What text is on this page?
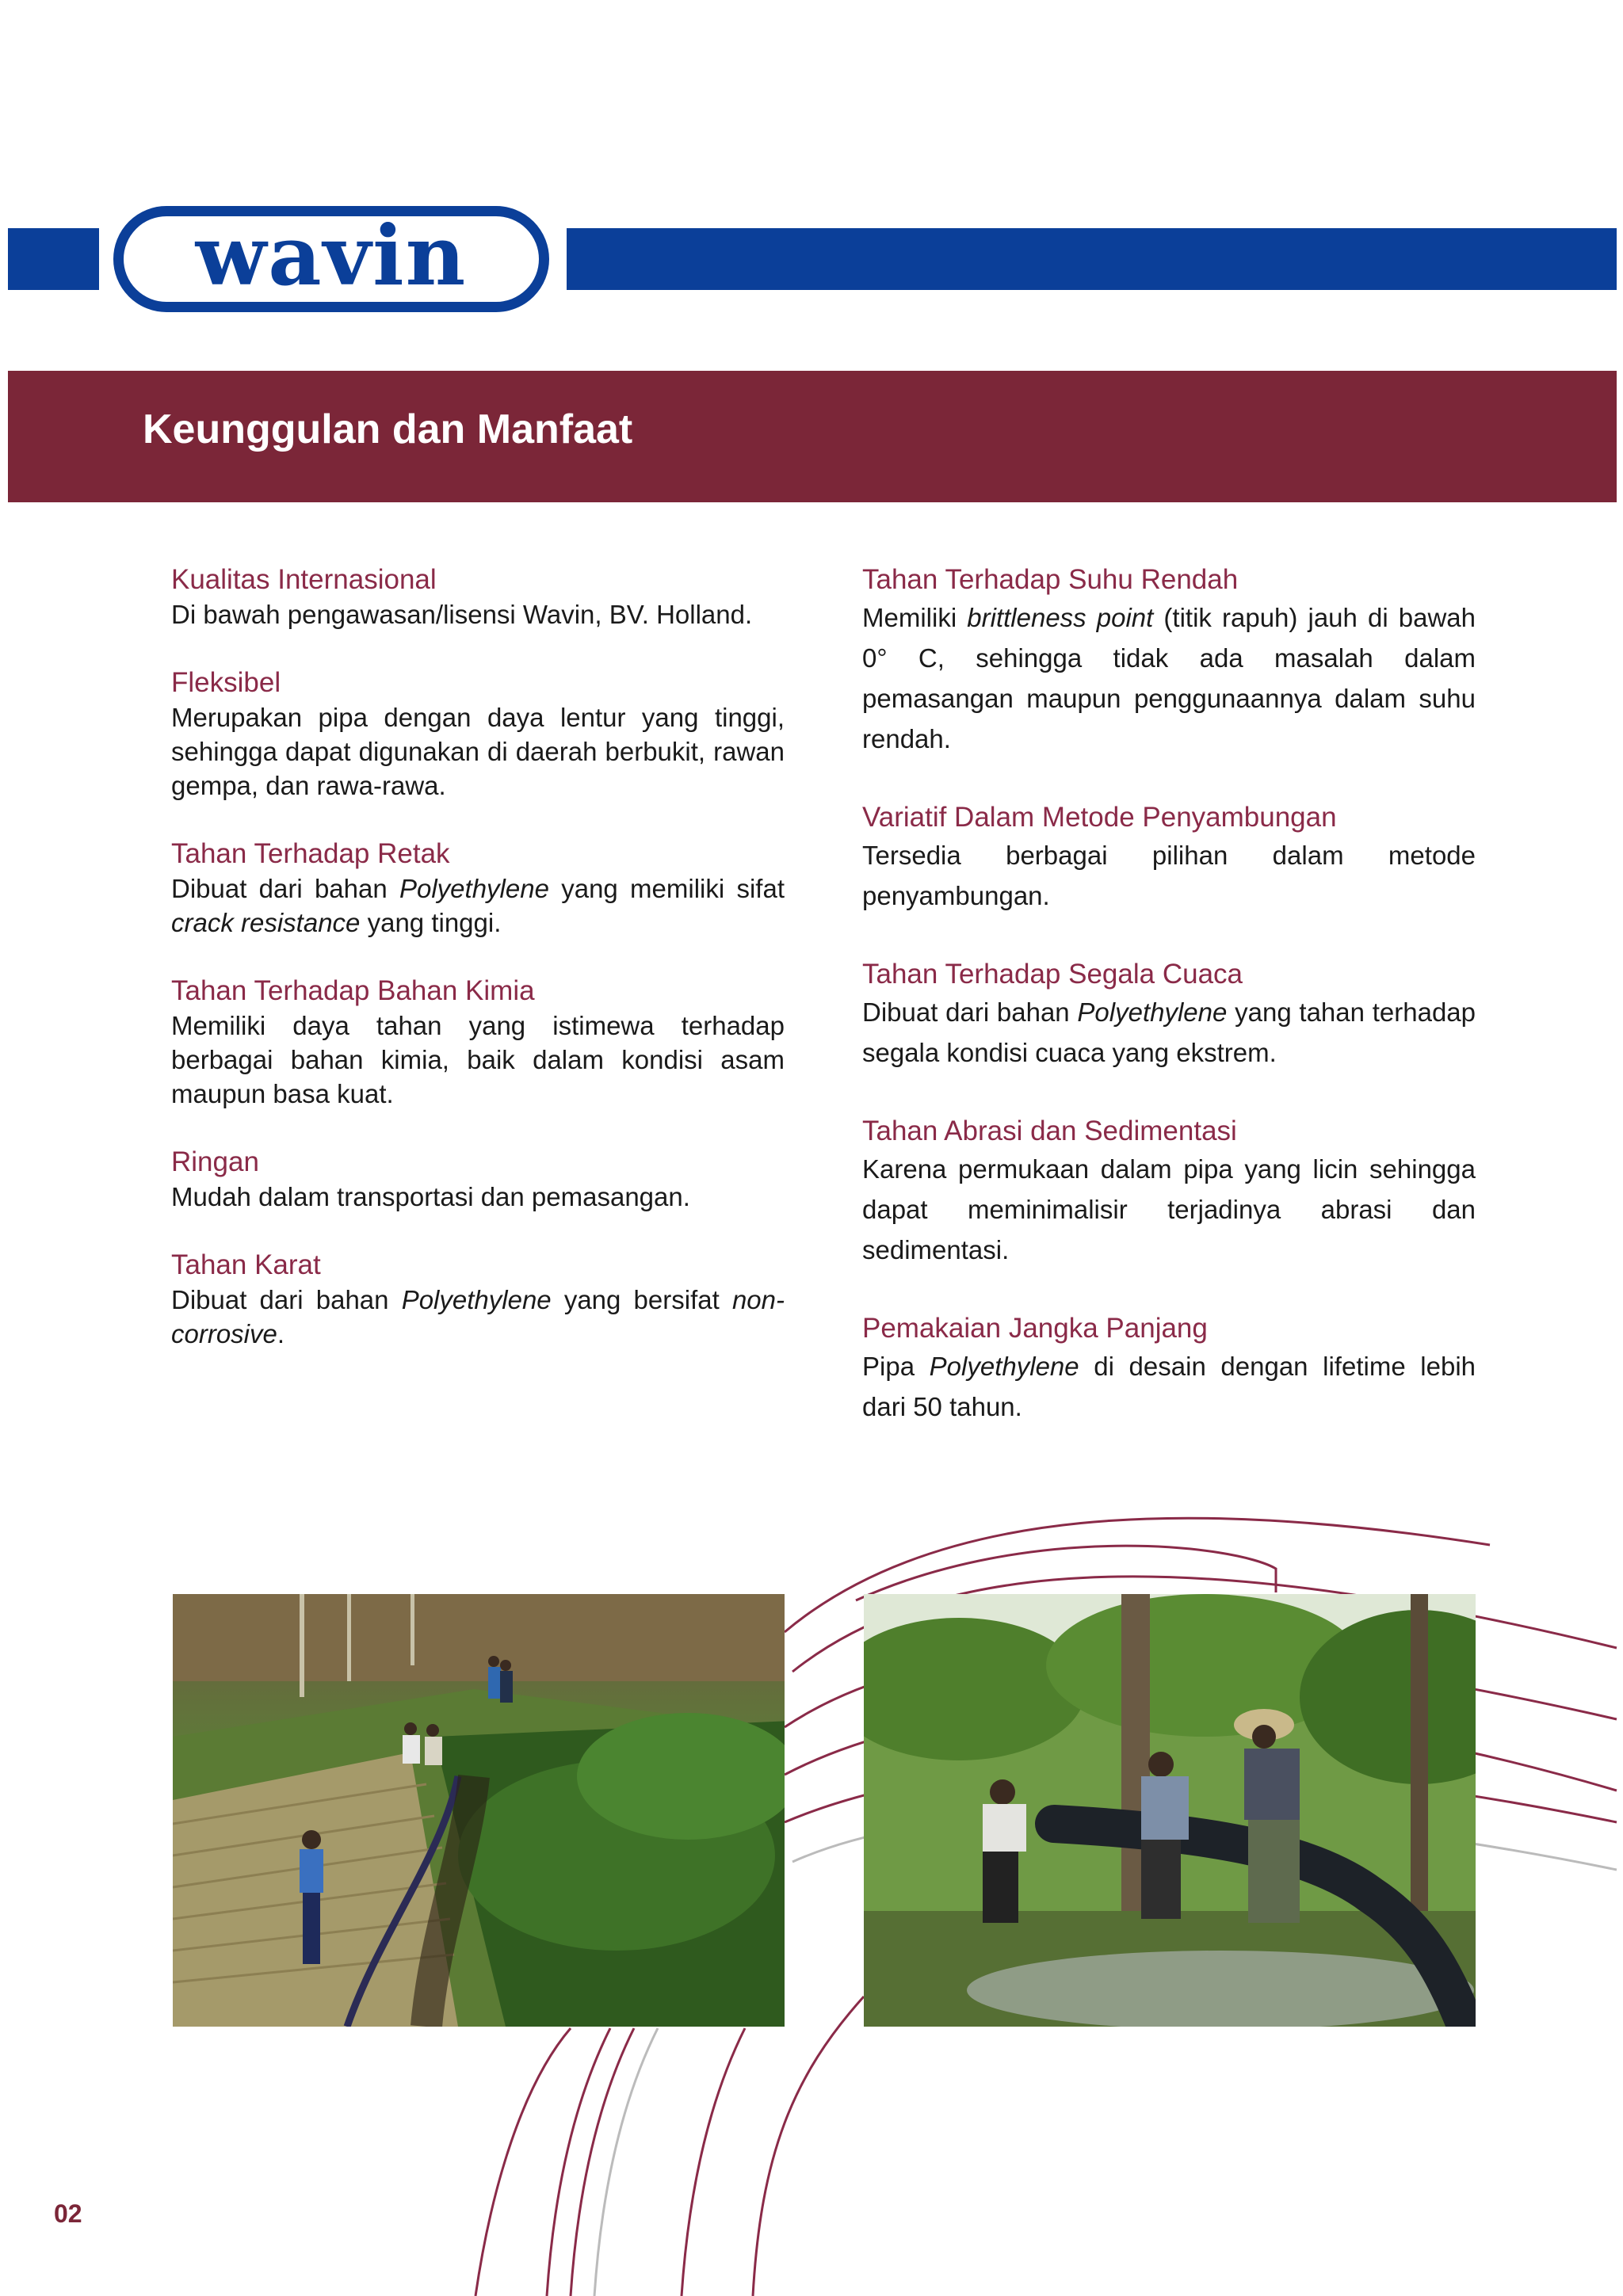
wavin
Keunggulan dan Manfaat
Kualitas Internasional

Di bawah pengawasan/lisensi Wavin, BV. Holland.

Fleksibel

Merupakan pipa dengan daya lentur yang tinggi, sehingga dapat digunakan di daerah berbukit, rawan gempa, dan rawa-rawa.

Tahan Terhadap Retak

Dibuat dari bahan Polyethylene yang memiliki sifat crack resistance yang tinggi.

Tahan Terhadap Bahan Kimia

Memiliki daya tahan yang istimewa terhadap berbagai bahan kimia, baik dalam kondisi asam maupun basa kuat.

Ringan

Mudah dalam transportasi dan pemasangan.

Tahan Karat

Dibuat dari bahan Polyethylene yang bersifat non-corrosive.

Tahan Terhadap Suhu Rendah

Memiliki brittleness point (titik rapuh) jauh di bawah 0° C, sehingga tidak ada masalah dalam pemasangan maupun penggunaannya dalam suhu rendah.

Variatif Dalam Metode Penyambungan

Tersedia berbagai pilihan dalam metode penyambungan.

Tahan Terhadap Segala Cuaca

Dibuat dari bahan Polyethylene yang tahan terhadap segala kondisi cuaca yang ekstrem.

Tahan Abrasi dan Sedimentasi

Karena permukaan dalam pipa yang licin sehingga dapat meminimalisir terjadinya abrasi dan sedimentasi.

Pemakaian Jangka Panjang

Pipa Polyethylene di desain dengan lifetime lebih dari 50 tahun.

02
